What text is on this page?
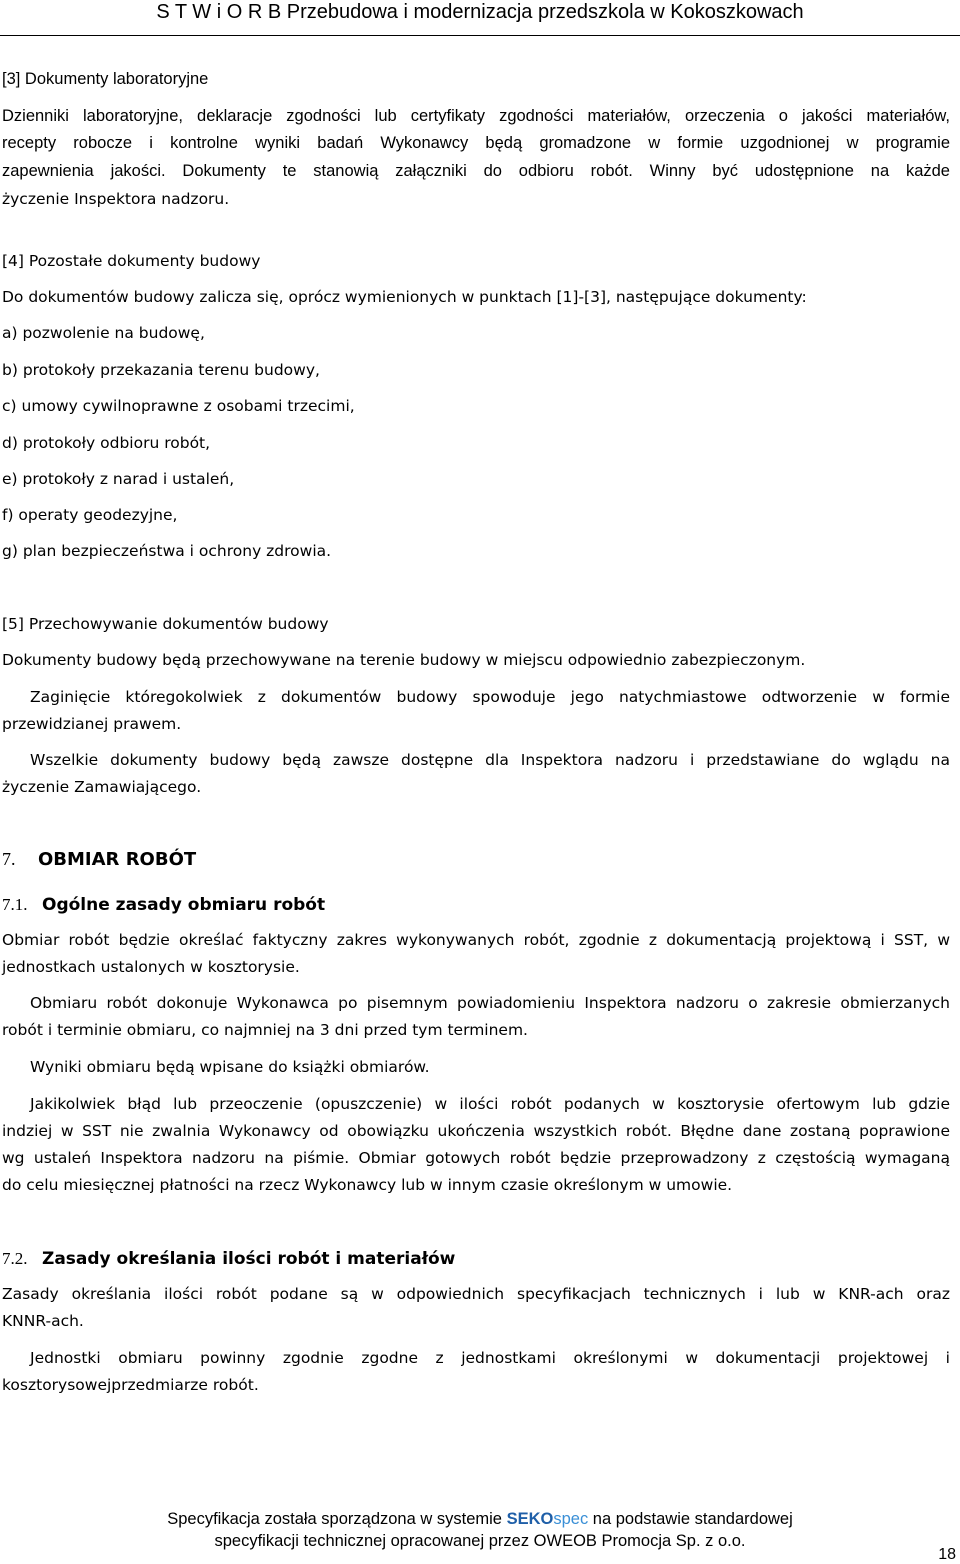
S T W i O R B Przebudowa i modernizacja przedszkola w Kokoszkowach
[3] Dokumenty laboratoryjne
Dzienniki laboratoryjne, deklaracje zgodności lub certyfikaty zgodności materiałów, orzeczenia o jakości materiałów,
recepty robocze i kontrolne wyniki badań Wykonawcy będą gromadzone w formie uzgodnionej w programie
zapewnienia jakości. Dokumenty te stanowią załączniki do odbioru robót. Winny być udostępnione na każde
życzenie Inspektora nadzoru.
[4] Pozostałe dokumenty budowy
Do dokumentów budowy zalicza się, oprócz wymienionych w punktach [1]-[3], następujące dokumenty:
a) pozwolenie na budowę,
b) protokoły przekazania terenu budowy,
c) umowy cywilnoprawne z osobami trzecimi,
d) protokoły odbioru robót,
e) protokoły z narad i ustaleń,
f) operaty geodezyjne,
g) plan bezpieczeństwa i ochrony zdrowia.
[5] Przechowywanie dokumentów budowy
Dokumenty budowy będą przechowywane na terenie budowy w miejscu odpowiednio zabezpieczonym.
Zaginięcie któregokolwiek z dokumentów budowy spowoduje jego natychmiastowe odtworzenie w formie
przewidzianej prawem.
Wszelkie dokumenty budowy będą zawsze dostępne dla Inspektora nadzoru i przedstawiane do wglądu na
życzenie Zamawiającego.
7. OBMIAR ROBÓT
7.1. Ogólne zasady obmiaru robót
Obmiar robót będzie określać faktyczny zakres wykonywanych robót, zgodnie z dokumentacją projektową i SST, w
jednostkach ustalonych w kosztorysie.
Obmiaru robót dokonuje Wykonawca po pisemnym powiadomieniu Inspektora nadzoru o zakresie obmierzanych
robót i terminie obmiaru, co najmniej na 3 dni przed tym terminem.
Wyniki obmiaru będą wpisane do książki obmiarów.
Jakikolwiek błąd lub przeoczenie (opuszczenie) w ilości robót podanych w kosztorysie ofertowym lub gdzie
indziej w SST nie zwalnia Wykonawcy od obowiązku ukończenia wszystkich robót. Błędne dane zostaną poprawione
wg ustaleń Inspektora nadzoru na piśmie. Obmiar gotowych robót będzie przeprowadzony z częstością wymaganą
do celu miesięcznej płatności na rzecz Wykonawcy lub w innym czasie określonym w umowie.
7.2. Zasady określania ilości robót i materiałów
Zasady określania ilości robót podane są w odpowiednich specyfikacjach technicznych i lub w KNR-ach oraz
KNNR-ach.
Jednostki obmiaru powinny zgodnie zgodne z jednostkami określonymi w dokumentacji projektowej i
kosztorysowejprzedmiarze robót.
Specyfikacja została sporządzona w systemie SEKOspec na podstawie standardowej
specyfikacji technicznej opracowanej przez OWEOB Promocja Sp. z o.o.
18
